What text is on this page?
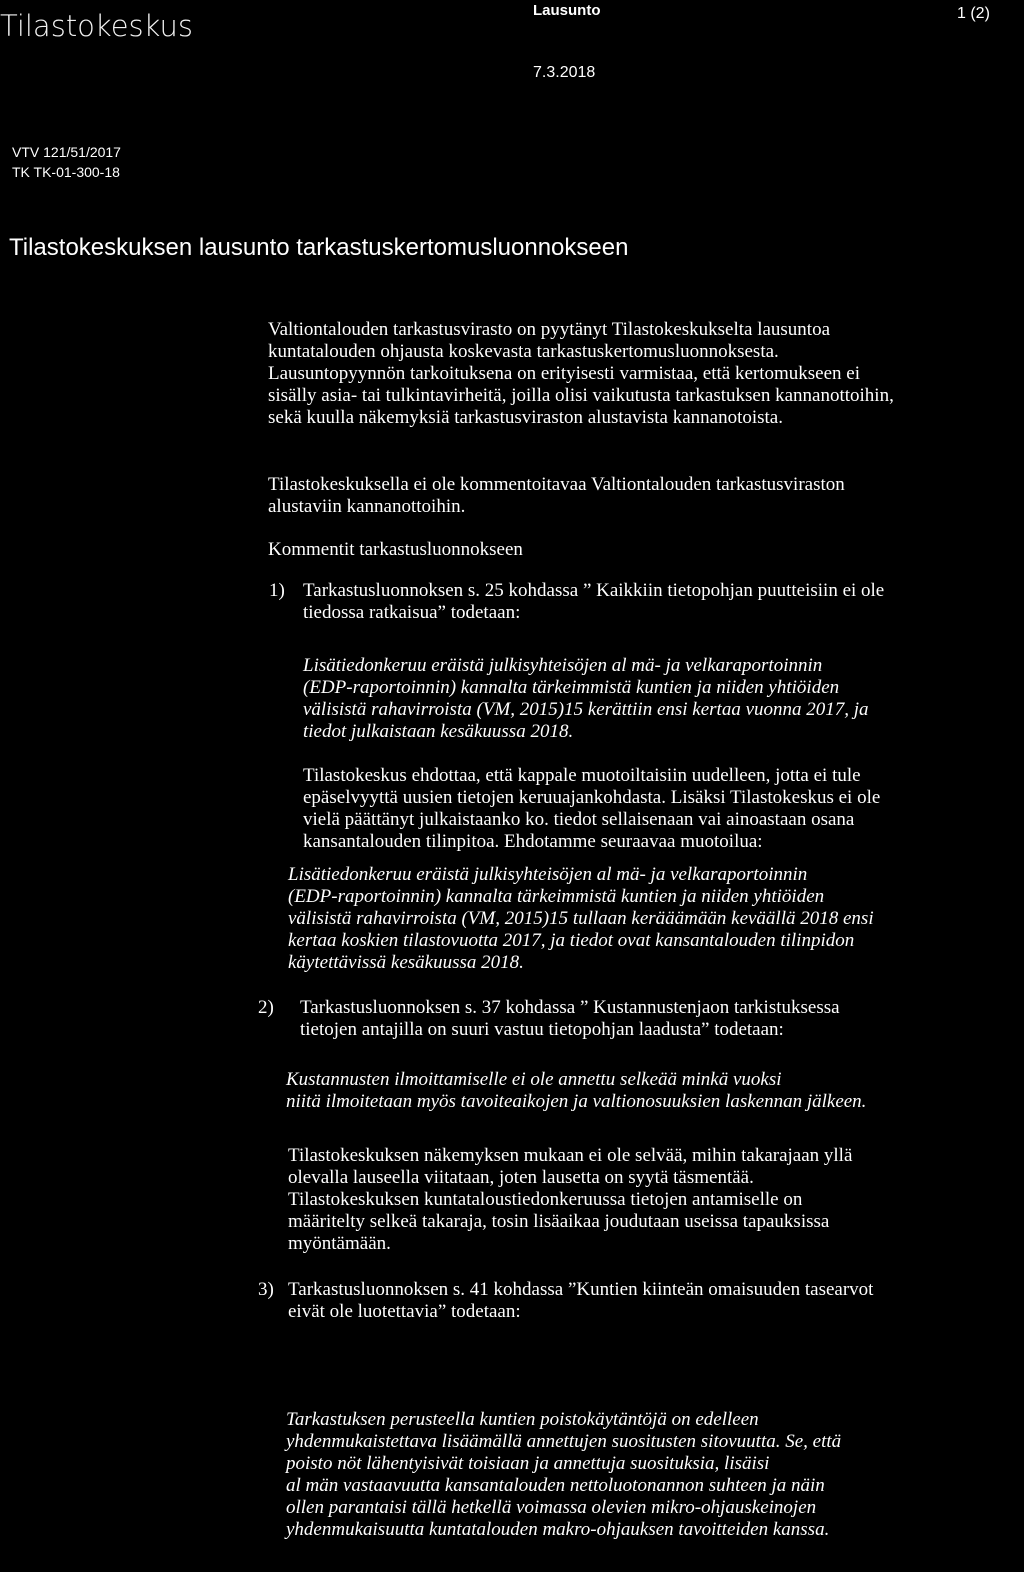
Tilastokeskus	Lausunto	1 (2)
7.3.2018
VTV 121/51/2017
TK TK-01-300-18
Tilastokeskuksen lausunto tarkastuskertomusluonnokseen

Valtiontalouden tarkastusvirasto on pyytänyt Tilastokeskukselta lausuntoa

kuntatalouden ohjausta koskevasta tarkastuskertomusluonnoksesta.

Lausuntopyynnön tarkoituksena on erityisesti varmistaa, että kertomukseen ei

sisälly asia- tai tulkintavirheitä, joilla olisi vaikutusta tarkastuksen kannanottoihin,

sekä kuulla näkemyksiä tarkastusviraston alustavista kannanotoista.

Tilastokeskuksella ei ole kommentoitavaa Valtiontalouden tarkastusviraston

alustaviin kannanottoihin.

Kommentit tarkastusluonnokseen
1) Tarkastusluonnoksen s. 25 kohdassa ” Kaikkiin tietopohjan puutteisiin ei ole

tiedossa ratkaisua” todetaan:

Lisätiedonkeruu eräistä julkisyhteisöjen al mä- ja velkaraportoinnin

(EDP-raportoinnin) kannalta tärkeimmistä kuntien ja niiden yhtiöiden

välisistä rahavirroista (VM, 2015)15 kerättiin ensi kertaa vuonna 2017, ja

tiedot julkaistaan kesäkuussa 2018.

Tilastokeskus ehdottaa, että kappale muotoiltaisiin uudelleen, jotta ei tule

epäselvyyttä uusien tietojen keruuajankohdasta. Lisäksi Tilastokeskus ei ole

vielä päättänyt julkaistaanko ko. tiedot sellaisenaan vai ainoastaan osana

kansantalouden tilinpitoa. Ehdotamme seuraavaa muotoilua:

Lisätiedonkeruu eräistä julkisyhteisöjen al mä- ja velkaraportoinnin

(EDP-raportoinnin) kannalta tärkeimmistä kuntien ja niiden yhtiöiden

välisistä rahavirroista (VM, 2015)15 tullaan kerääämään keväällä 2018 ensi

kertaa koskien tilastovuotta 2017, ja tiedot ovat kansantalouden tilinpidon

käytettävissä kesäkuussa 2018.

2) Tarkastusluonnoksen s. 37 kohdassa ” Kustannustenjaon tarkistuksessa

tietojen antajilla on suuri vastuu tietopohjan laadusta” todetaan:

Kustannusten ilmoittamiselle ei ole annettu selkeää minkä vuoksi

niitä ilmoitetaan myös tavoiteaikojen ja valtionosuuksien laskennan jälkeen.

Tilastokeskuksen näkemyksen mukaan ei ole selvää, mihin takarajaan yllä

olevalla lauseella viitataan, joten lausetta on syytä täsmentää.

Tilastokeskuksen kuntataloustiedonkeruussa tietojen antamiselle on

määritelty selkeä takaraja, tosin lisäaikaa joudutaan useissa tapauksissa

myöntämään.

3) Tarkastusluonnoksen s. 41 kohdassa ”Kuntien kiinteän omaisuuden tasearvot

eivät ole luotettavia” todetaan:

Tarkastuksen perusteella kuntien poistokäytäntöjä on edelleen

yhdenmukaistettava lisäämällä annettujen suositusten sitovuutta. Se, että

poisto nöt lähentyisivät toisiaan ja annettuja suosituksia, lisäisi

al män vastaavuutta kansantalouden nettoluotonannon suhteen ja näin

ollen parantaisi tällä hetkellä voimassa olevien mikro-ohjauskeinojen

yhdenmukaisuutta kuntatalouden makro-ohjauksen tavoitteiden kanssa.
